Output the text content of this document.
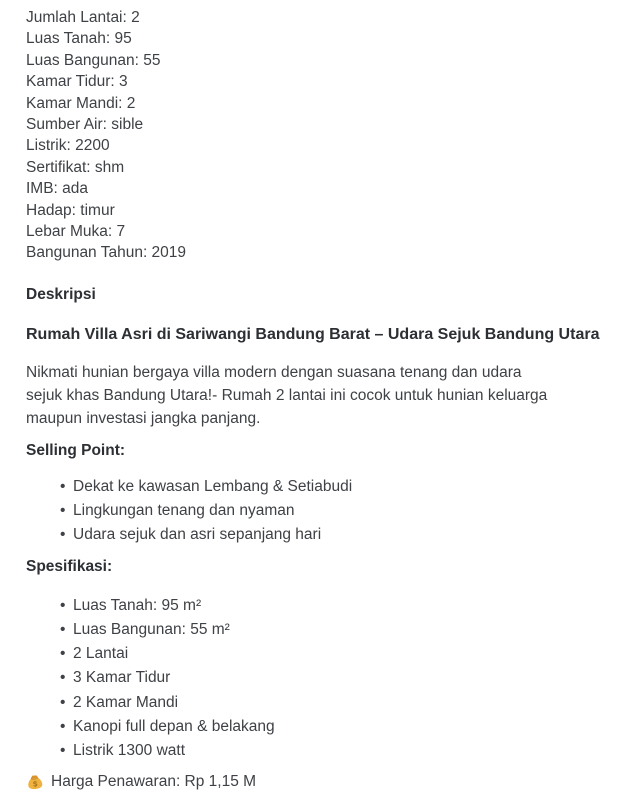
Jumlah Lantai: 2
Luas Tanah: 95
Luas Bangunan: 55
Kamar Tidur: 3
Kamar Mandi: 2
Sumber Air: sible
Listrik: 2200
Sertifikat: shm
IMB: ada
Hadap: timur
Lebar Muka: 7
Bangunan Tahun: 2019
Deskripsi
Rumah Villa Asri di Sariwangi Bandung Barat – Udara Sejuk Bandung Utara
Nikmati hunian bergaya villa modern dengan suasana tenang dan udara sejuk khas Bandung Utara!- Rumah 2 lantai ini cocok untuk hunian keluarga maupun investasi jangka panjang.
Selling Point:
• Dekat ke kawasan Lembang & Setiabudi
• Lingkungan tenang dan nyaman
• Udara sejuk dan asri sepanjang hari
Spesifikasi:
• Luas Tanah: 95 m²
• Luas Bangunan: 55 m²
• 2 Lantai
• 3 Kamar Tidur
• 2 Kamar Mandi
• Kanopi full depan & belakang
• Listrik 1300 watt
$ Harga Penawaran: Rp 1,15 M
